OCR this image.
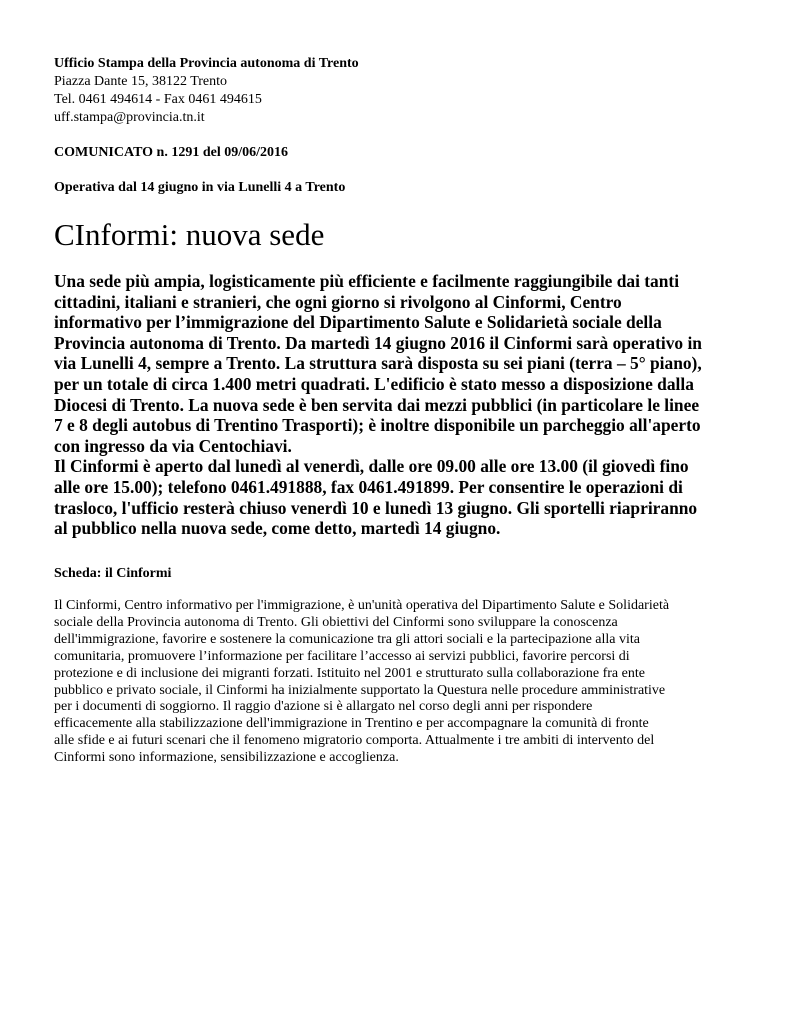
Ufficio Stampa della Provincia autonoma di Trento

Piazza Dante 15, 38122 Trento

Tel. 0461 494614 - Fax 0461 494615

uff.stampa@provincia.tn.it

COMUNICATO n. 1291 del 09/06/2016

Operativa dal 14 giugno in via Lunelli 4 a Trento

CInformi: nuova sede

Una sede più ampia, logisticamente più efficiente e facilmente raggiungibile dai tanti
cittadini, italiani e stranieri, che ogni giorno si rivolgono al Cinformi, Centro
informativo per l’immigrazione del Dipartimento Salute e Solidarietà sociale della
Provincia autonoma di Trento. Da martedì 14 giugno 2016 il Cinformi sarà operativo in
via Lunelli 4, sempre a Trento. La struttura sarà disposta su sei piani (terra – 5° piano),
per un totale di circa 1.400 metri quadrati. L'edificio è stato messo a disposizione dalla
Diocesi di Trento. La nuova sede è ben servita dai mezzi pubblici (in particolare le linee
7 e 8 degli autobus di Trentino Trasporti); è inoltre disponibile un parcheggio all'aperto
con ingresso da via Centochiavi.
Il Cinformi è aperto dal lunedì al venerdì, dalle ore 09.00 alle ore 13.00 (il giovedì fino
alle ore 15.00); telefono 0461.491888, fax 0461.491899. Per consentire le operazioni di
trasloco, l'ufficio resterà chiuso venerdì 10 e lunedì 13 giugno. Gli sportelli riapriranno
al pubblico nella nuova sede, come detto, martedì 14 giugno.

Scheda: il Cinformi

Il Cinformi, Centro informativo per l'immigrazione, è un'unità operativa del Dipartimento Salute e Solidarietà
sociale della Provincia autonoma di Trento. Gli obiettivi del Cinformi sono sviluppare la conoscenza
dell'immigrazione, favorire e sostenere la comunicazione tra gli attori sociali e la partecipazione alla vita
comunitaria, promuovere l’informazione per facilitare l’accesso ai servizi pubblici, favorire percorsi di
protezione e di inclusione dei migranti forzati. Istituito nel 2001 e strutturato sulla collaborazione fra ente
pubblico e privato sociale, il Cinformi ha inizialmente supportato la Questura nelle procedure amministrative
per i documenti di soggiorno. Il raggio d'azione si è allargato nel corso degli anni per rispondere
efficacemente alla stabilizzazione dell'immigrazione in Trentino e per accompagnare la comunità di fronte
alle sfide e ai futuri scenari che il fenomeno migratorio comporta. Attualmente i tre ambiti di intervento del
Cinformi sono informazione, sensibilizzazione e accoglienza.
